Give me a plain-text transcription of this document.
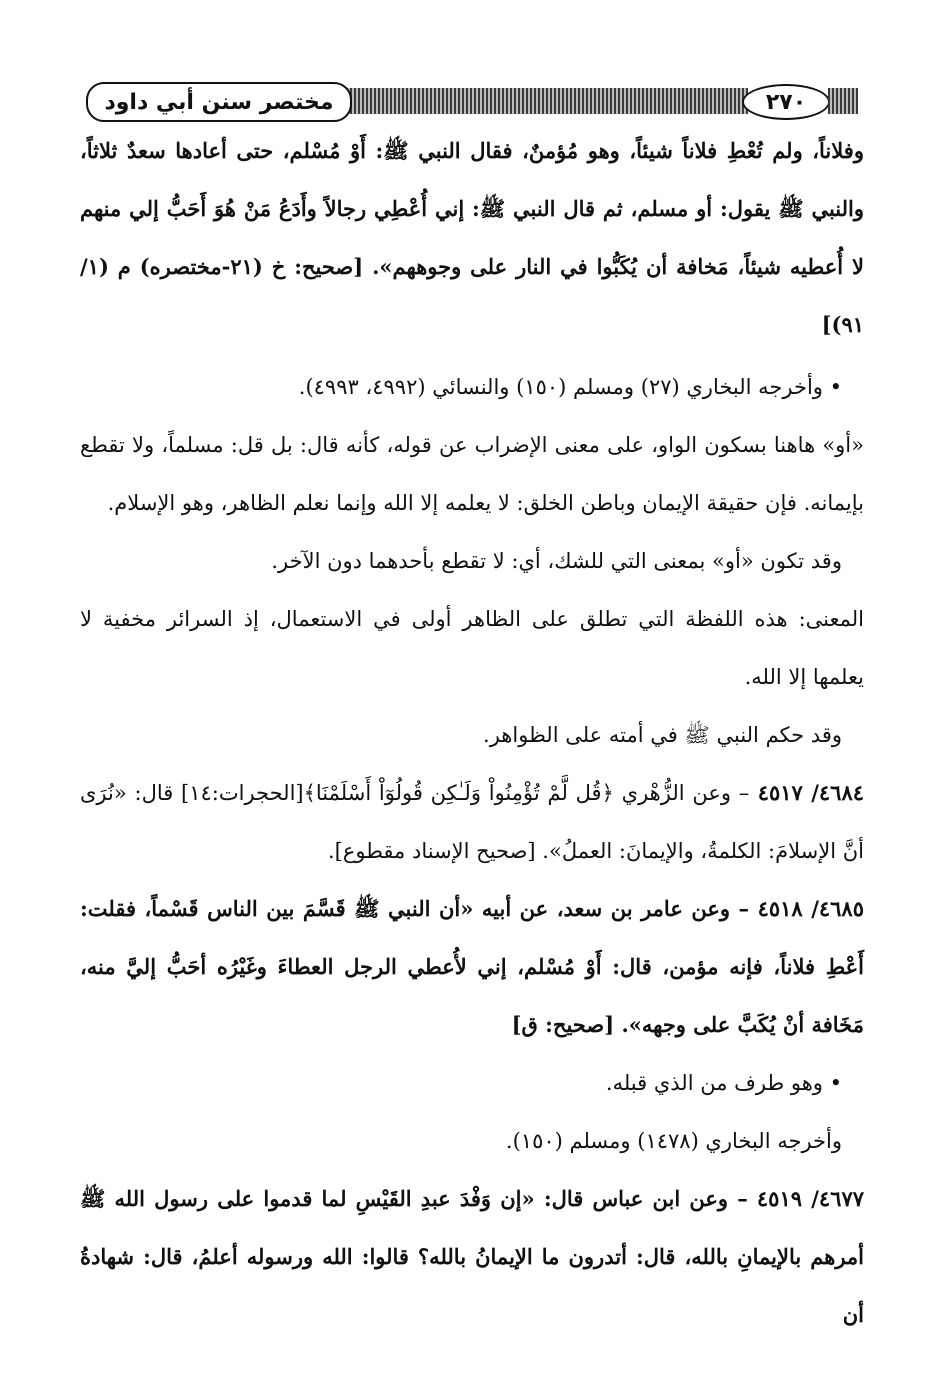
مختصر سنن أبي داود	٢٧٠

وفلاناً، ولم تُعْطِ فلاناً شيئاً، وهو مُؤمنٌ، فقال النبي ﷺ: أَوْ مُسْلم، حتى أعادها سعدٌ ثلاثاً، والنبي ﷺ يقول: أو مسلم، ثم قال النبي ﷺ: إني أُعْطِي رجالاً وأَدَعُ مَنْ هُوَ أَحَبُّ إلي منهم لا أُعطيه شيئاً، مَخافة أن يُكَبُّوا في النار على وجوههم». [صحيح: خ (٢١-مختصره) م (١/ ٩١)]

• وأخرجه البخاري (٢٧) ومسلم (١٥٠) والنسائي (٤٩٩٢، ٤٩٩٣).

«أو» هاهنا بسكون الواو، على معنى الإضراب عن قوله، كأنه قال: بل قل: مسلماً، ولا تقطع بإيمانه. فإن حقيقة الإيمان وباطن الخلق: لا يعلمه إلا الله وإنما نعلم الظاهر، وهو الإسلام.

وقد تكون «أو» بمعنى التي للشك، أي: لا تقطع بأحدهما دون الآخر.

المعنى: هذه اللفظة التي تطلق على الظاهر أولى في الاستعمال، إذ السرائر مخفية لا يعلمها إلا الله.

وقد حكم النبي ﷺ في أمته على الظواهر.

٤٦٨٤/ ٤٥١٧ – وعن الزُّهْري ﴿قُل لَّمْ تُؤْمِنُواْ وَلَـٰكِن قُولُوٓاْ أَسْلَمْنَا﴾[الحجرات:١٤] قال: «نُرَى أنَّ الإسلامَ: الكلمةُ، والإيمانَ: العملُ». [صحيح الإسناد مقطوع].

٤٦٨٥/ ٤٥١٨ – وعن عامر بن سعد، عن أبيه «أن النبي ﷺ قَسَّمَ بين الناس قَسْماً، فقلت: أَعْطِ فلاناً، فإنه مؤمن، قال: أَوْ مُسْلم، إني لأُعطي الرجل العطاءَ وغَيْرُه أحَبُّ إليَّ منه، مَخَافة أنْ يُكَبَّ على وجهه». [صحيح: ق]

• وهو طرف من الذي قبله.

وأخرجه البخاري (١٤٧٨) ومسلم (١٥٠).

٤٦٧٧/ ٤٥١٩ – وعن ابن عباس قال: «إن وَفْدَ عبدِ القَيْسِ لما قدموا على رسول الله ﷺ أمرهم بالإيمانِ بالله، قال: أتدرون ما الإيمانُ بالله؟ قالوا: الله ورسوله أعلمُ، قال: شهادةُ أن
